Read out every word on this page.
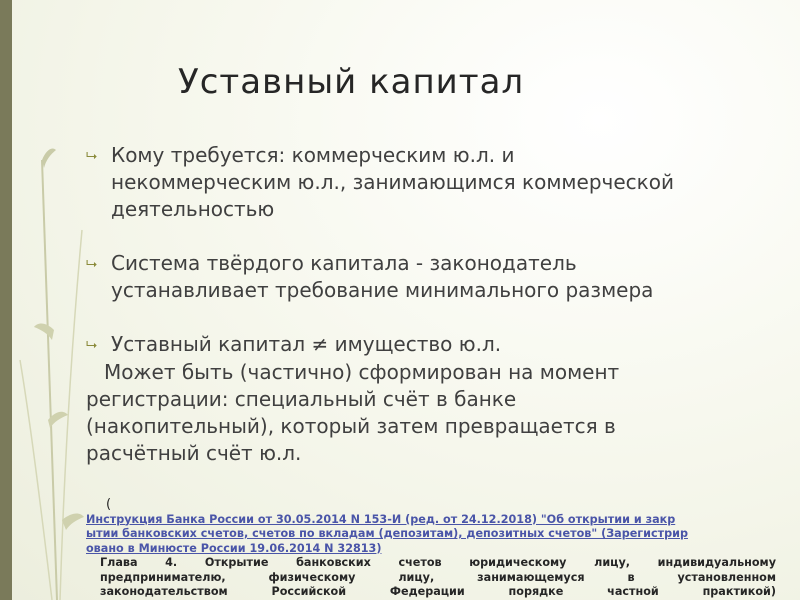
Уставный капитал
⮡ Кому требуется: коммерческим ю.л. и
некоммерческим ю.л., занимающимся коммерческой
деятельностью
⮡ Система твёрдого капитала - законодатель
устанавливает требование минимального размера
⮡ Уставный капитал ≠ имущество ю.л.
Может быть (частично) сформирован на момент
регистрации: специальный счёт в банке
(накопительный), который затем превращается в
расчётный счёт ю.л.
(
Инструкция Банка России от 30.05.2014 N 153-И (ред. от 24.12.2018) "Об открытии и закр
ытии банковских счетов, счетов по вкладам (депозитам), депозитных счетов" (Зарегистрир
овано в Минюсте России 19.06.2014 N 32813)
Глава 4. Открытие банковских счетов юридическому лицу, индивидуальному
предпринимателю, физическому лицу, занимающемуся в установленном
законодательством Российской Федерации порядке частной практикой)
